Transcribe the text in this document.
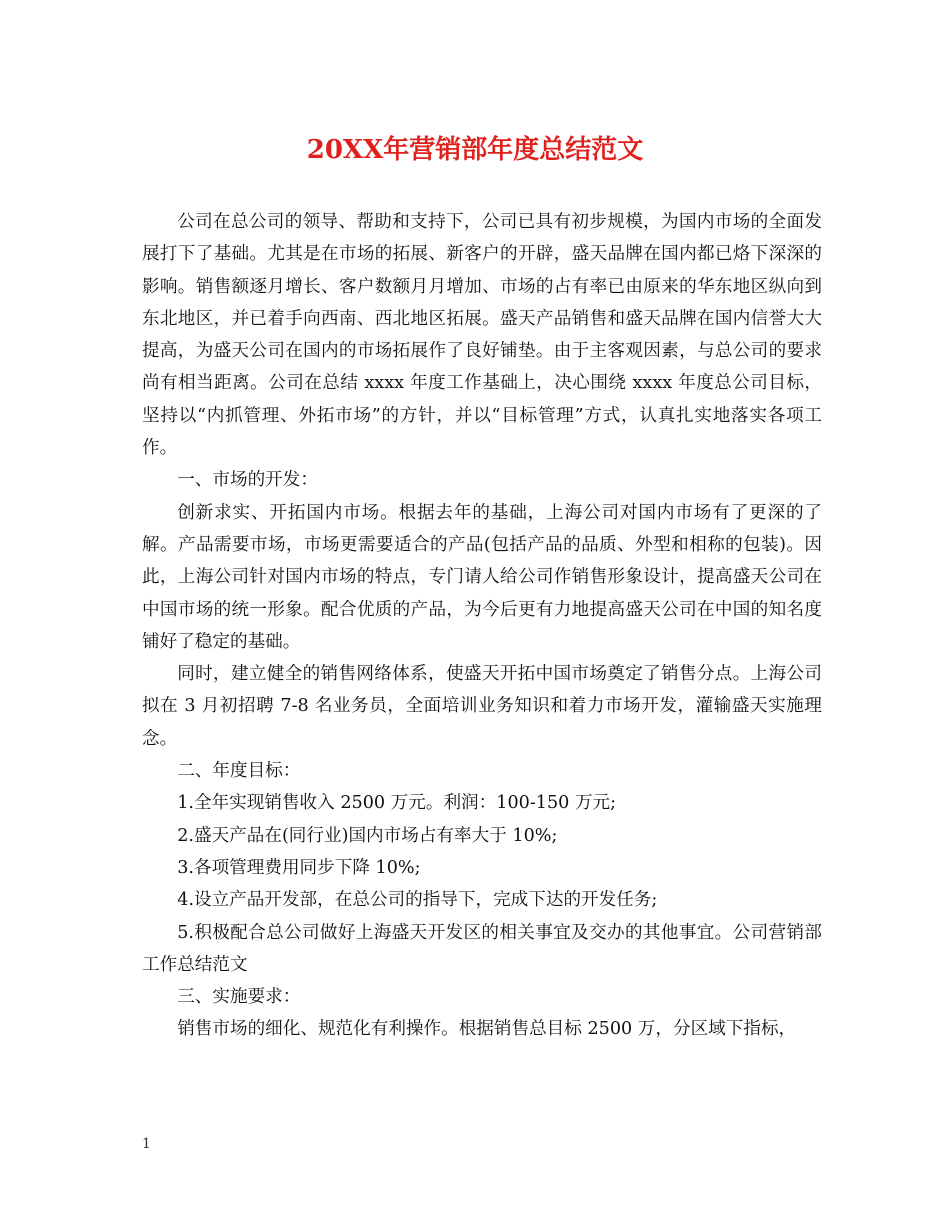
20XX年营销部年度总结范文

公司在总公司的领导、帮助和支持下，公司已具有初步规模，为国内市场的全面发展打下了基础。尤其是在市场的拓展、新客户的开辟，盛天品牌在国内都已烙下深深的影响。销售额逐月增长、客户数额月月增加、市场的占有率已由原来的华东地区纵向到东北地区，并已着手向西南、西北地区拓展。盛天产品销售和盛天品牌在国内信誉大大提高，为盛天公司在国内的市场拓展作了良好铺垫。由于主客观因素，与总公司的要求尚有相当距离。公司在总结 xxxx 年度工作基础上，决心围绕 xxxx 年度总公司目标，坚持以“内抓管理、外拓市场”的方针，并以“目标管理”方式，认真扎实地落实各项工作。

一、市场的开发：

创新求实、开拓国内市场。根据去年的基础，上海公司对国内市场有了更深的了解。产品需要市场，市场更需要适合的产品(包括产品的品质、外型和相称的包装)。因此，上海公司针对国内市场的特点，专门请人给公司作销售形象设计，提高盛天公司在中国市场的统一形象。配合优质的产品，为今后更有力地提高盛天公司在中国的知名度铺好了稳定的基础。

同时，建立健全的销售网络体系，使盛天开拓中国市场奠定了销售分点。上海公司拟在 3 月初招聘 7-8 名业务员，全面培训业务知识和着力市场开发，灌输盛天实施理念。

二、年度目标：

1.全年实现销售收入 2500 万元。利润：100-150 万元;

2.盛天产品在(同行业)国内市场占有率大于 10%;

3.各项管理费用同步下降 10%;

4.设立产品开发部，在总公司的指导下，完成下达的开发任务;

5.积极配合总公司做好上海盛天开发区的相关事宜及交办的其他事宜。公司营销部工作总结范文

三、实施要求：

销售市场的细化、规范化有利操作。根据销售总目标 2500 万，分区域下指标，

1
